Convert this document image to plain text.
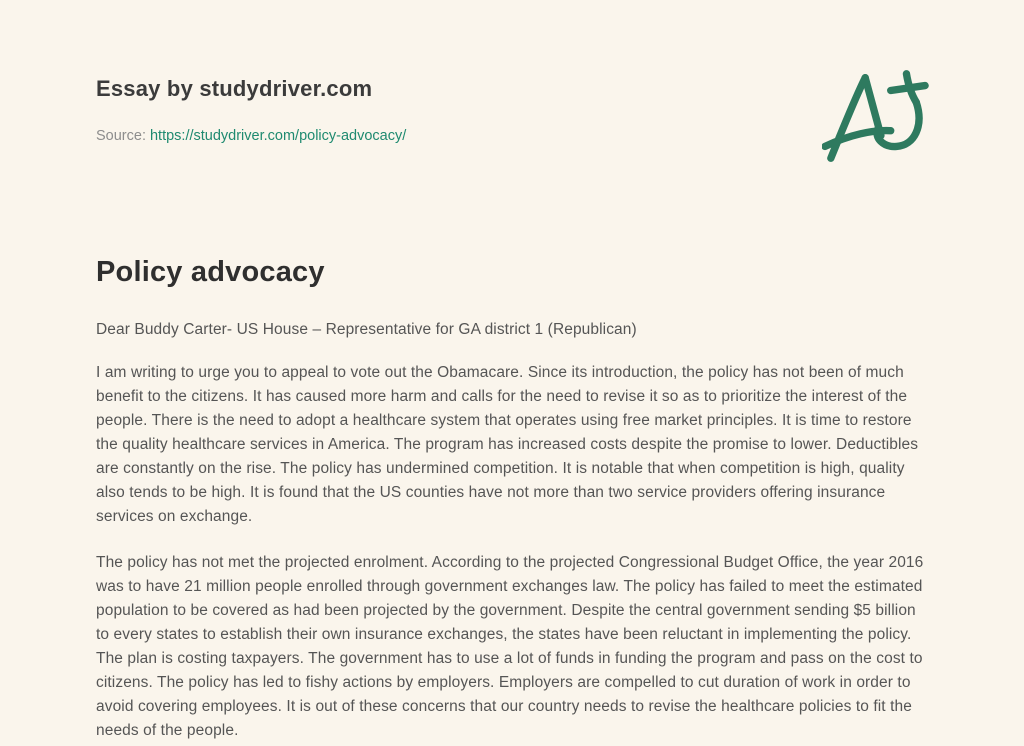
Essay by studydriver.com
Source: https://studydriver.com/policy-advocacy/
Policy advocacy
Dear Buddy Carter- US House – Representative for GA district 1 (Republican)

I am writing to urge you to appeal to vote out the Obamacare. Since its introduction, the policy has not been of much benefit to the citizens. It has caused more harm and calls for the need to revise it so as to prioritize the interest of the people. There is the need to adopt a healthcare system that operates using free market principles. It is time to restore the quality healthcare services in America. The program has increased costs despite the promise to lower. Deductibles are constantly on the rise. The policy has undermined competition. It is notable that when competition is high, quality also tends to be high. It is found that the US counties have not more than two service providers offering insurance services on exchange.

The policy has not met the projected enrolment. According to the projected Congressional Budget Office, the year 2016 was to have 21 million people enrolled through government exchanges law. The policy has failed to meet the estimated population to be covered as had been projected by the government. Despite the central government sending $5 billion to every states to establish their own insurance exchanges, the states have been reluctant in implementing the policy. The plan is costing taxpayers. The government has to use a lot of funds in funding the program and pass on the cost to citizens. The policy has led to fishy actions by employers. Employers are compelled to cut duration of work in order to avoid covering employees. It is out of these concerns that our country needs to revise the healthcare policies to fit the needs of the people.
